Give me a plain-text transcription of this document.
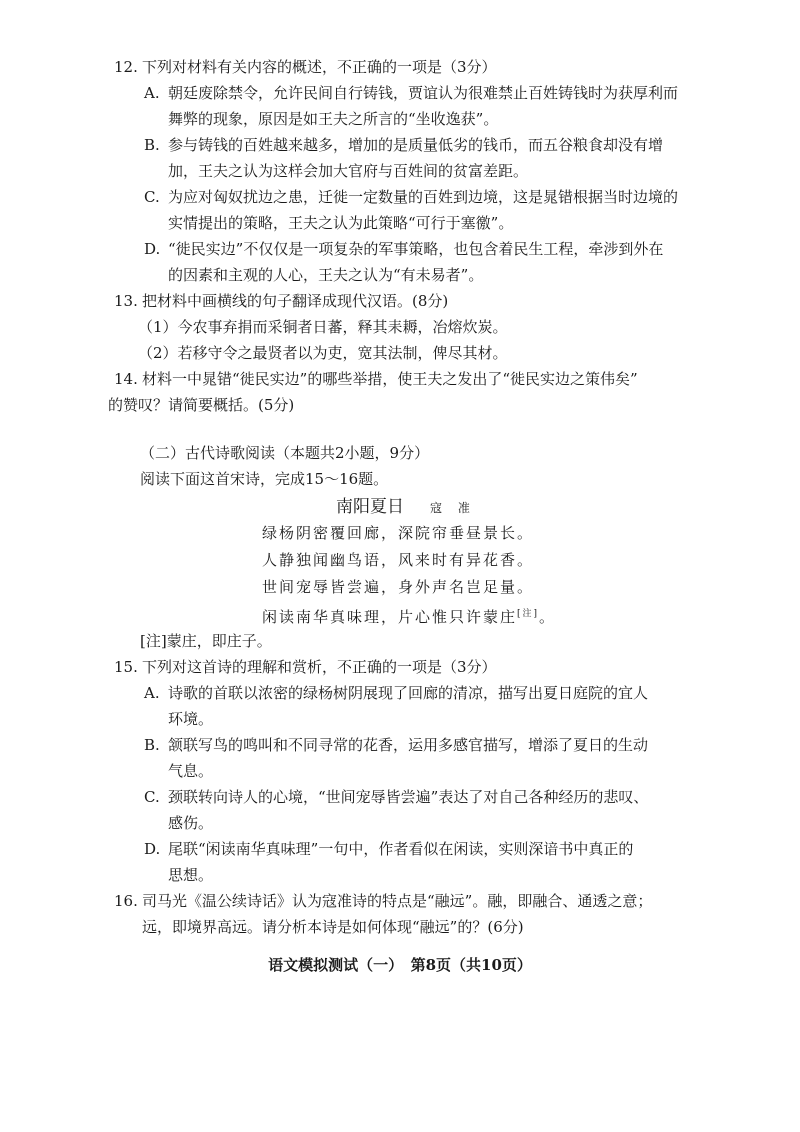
12. 下列对材料有关内容的概述，不正确的一项是（3分）
A. 朝廷废除禁令，允许民间自行铸钱，贾谊认为很难禁止百姓铸钱时为获厚利而
舞弊的现象，原因是如王夫之所言的“坐收逸获”。
B. 参与铸钱的百姓越来越多，增加的是质量低劣的钱币，而五谷粮食却没有增
加，王夫之认为这样会加大官府与百姓间的贫富差距。
C. 为应对匈奴扰边之患，迁徙一定数量的百姓到边境，这是晁错根据当时边境的
实情提出的策略，王夫之认为此策略“可行于塞徼”。
D. “徙民实边”不仅仅是一项复杂的军事策略，也包含着民生工程，牵涉到外在
的因素和主观的人心，王夫之认为“有未易者”。
13. 把材料中画横线的句子翻译成现代汉语。(8分)
（1）今农事弃捐而采铜者日蕃，释其耒耨，冶熔炊炭。
（2）若移守令之最贤者以为吏，宽其法制，俾尽其材。
14. 材料一中晁错“徙民实边”的哪些举措，使王夫之发出了“徙民实边之策伟矣”
的赞叹？请简要概括。(5分)
（二）古代诗歌阅读（本题共2小题，9分）
阅读下面这首宋诗，完成15～16题。
南阳夏日 寇 准
绿杨阴密覆回廊，深院帘垂昼景长。
人静独闻幽鸟语，风来时有异花香。
世间宠辱皆尝遍，身外声名岂足量。
闲读南华真味理，片心惟只许蒙庄[注]。
[注]蒙庄，即庄子。
15. 下列对这首诗的理解和赏析，不正确的一项是（3分）
A. 诗歌的首联以浓密的绿杨树阴展现了回廊的清凉，描写出夏日庭院的宜人
环境。
B. 颔联写鸟的鸣叫和不同寻常的花香，运用多感官描写，增添了夏日的生动
气息。
C. 颈联转向诗人的心境，“世间宠辱皆尝遍”表达了对自己各种经历的悲叹、
感伤。
D. 尾联“闲读南华真味理”一句中，作者看似在闲读，实则深谙书中真正的
思想。
16. 司马光《温公续诗话》认为寇准诗的特点是“融远”。融，即融合、通透之意；
远，即境界高远。请分析本诗是如何体现“融远”的？(6分)
语文模拟测试（一）　第8页（共10页）
